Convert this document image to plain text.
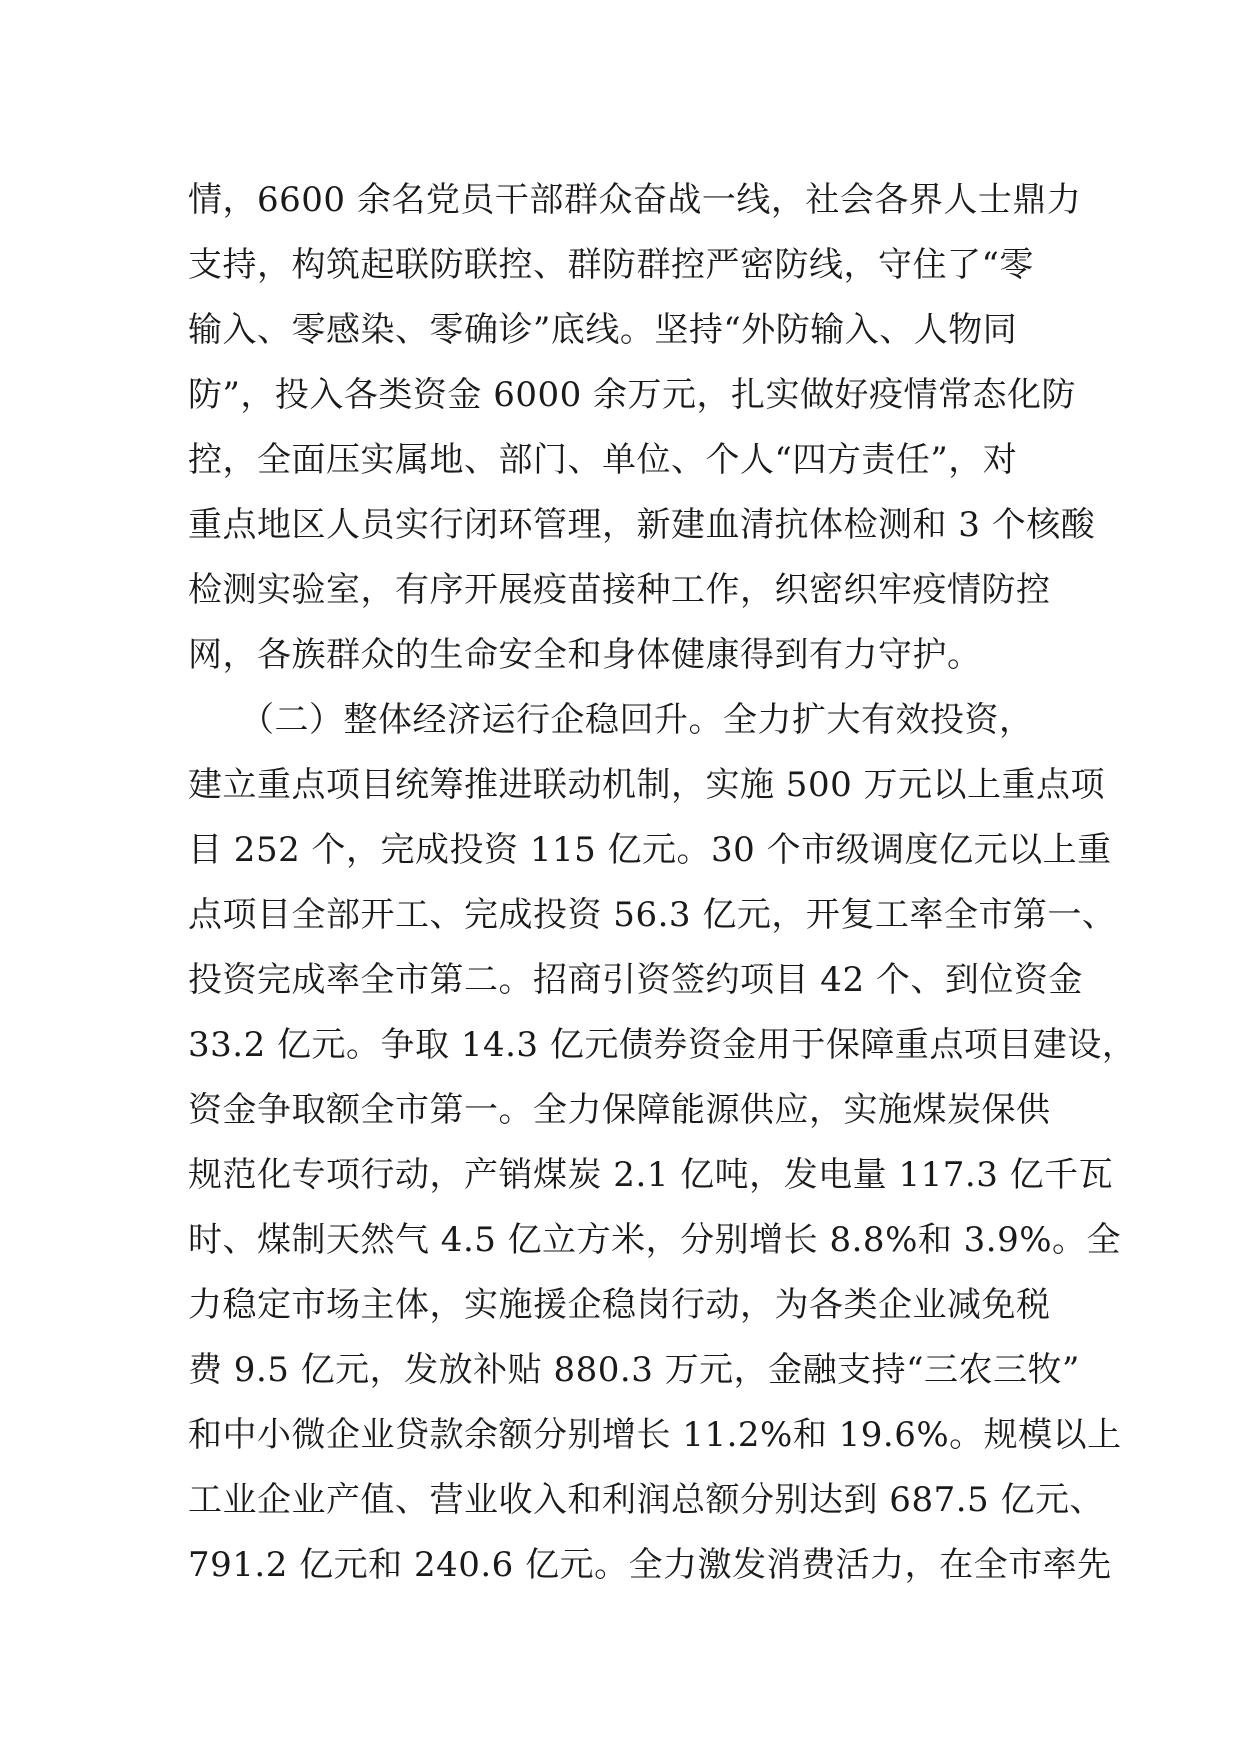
情，6600 余名党员干部群众奋战一线，社会各界人士鼎力
支持，构筑起联防联控、群防群控严密防线，守住了“零
输入、零感染、零确诊”底线。坚持“外防输入、人物同
防”，投入各类资金 6000 余万元，扎实做好疫情常态化防
控，全面压实属地、部门、单位、个人“四方责任”，对
重点地区人员实行闭环管理，新建血清抗体检测和 3 个核酸
检测实验室，有序开展疫苗接种工作，织密织牢疫情防控
网，各族群众的生命安全和身体健康得到有力守护。
　　（二）整体经济运行企稳回升。全力扩大有效投资，
建立重点项目统筹推进联动机制，实施 500 万元以上重点项
目 252 个，完成投资 115 亿元。30 个市级调度亿元以上重
点项目全部开工、完成投资 56.3 亿元，开复工率全市第一、
投资完成率全市第二。招商引资签约项目 42 个、到位资金
33.2 亿元。争取 14.3 亿元债券资金用于保障重点项目建设，
资金争取额全市第一。全力保障能源供应，实施煤炭保供
规范化专项行动，产销煤炭 2.1 亿吨，发电量 117.3 亿千瓦
时、煤制天然气 4.5 亿立方米，分别增长 8.8%和 3.9%。全
力稳定市场主体，实施援企稳岗行动，为各类企业减免税
费 9.5 亿元，发放补贴 880.3 万元，金融支持“三农三牧”
和中小微企业贷款余额分别增长 11.2%和 19.6%。规模以上
工业企业产值、营业收入和利润总额分别达到 687.5 亿元、
791.2 亿元和 240.6 亿元。全力激发消费活力，在全市率先
